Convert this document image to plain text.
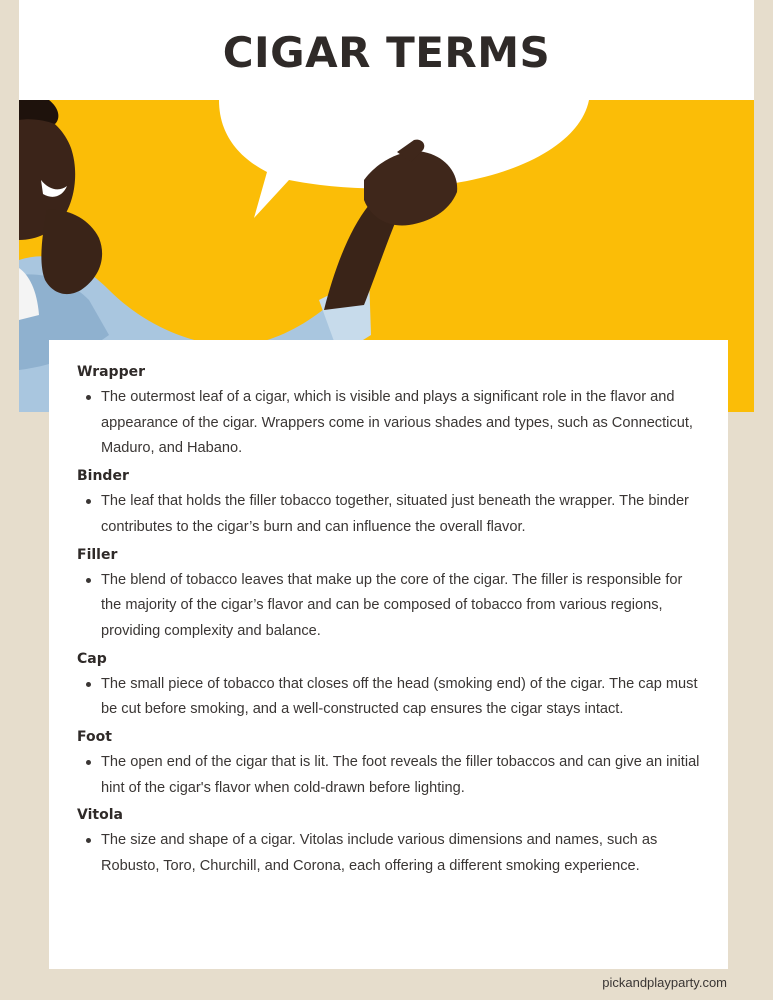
CIGAR TERMS
Wrapper
The outermost leaf of a cigar, which is visible and plays a significant role in the flavor and appearance of the cigar. Wrappers come in various shades and types, such as Connecticut, Maduro, and Habano.
Binder
The leaf that holds the filler tobacco together, situated just beneath the wrapper. The binder contributes to the cigar’s burn and can influence the overall flavor.
Filler
The blend of tobacco leaves that make up the core of the cigar. The filler is responsible for the majority of the cigar’s flavor and can be composed of tobacco from various regions, providing complexity and balance.
Cap
The small piece of tobacco that closes off the head (smoking end) of the cigar. The cap must be cut before smoking, and a well-constructed cap ensures the cigar stays intact.
Foot
The open end of the cigar that is lit. The foot reveals the filler tobaccos and can give an initial hint of the cigar's flavor when cold-drawn before lighting.
Vitola
The size and shape of a cigar. Vitolas include various dimensions and names, such as Robusto, Toro, Churchill, and Corona, each offering a different smoking experience.
pickandplayparty.com
